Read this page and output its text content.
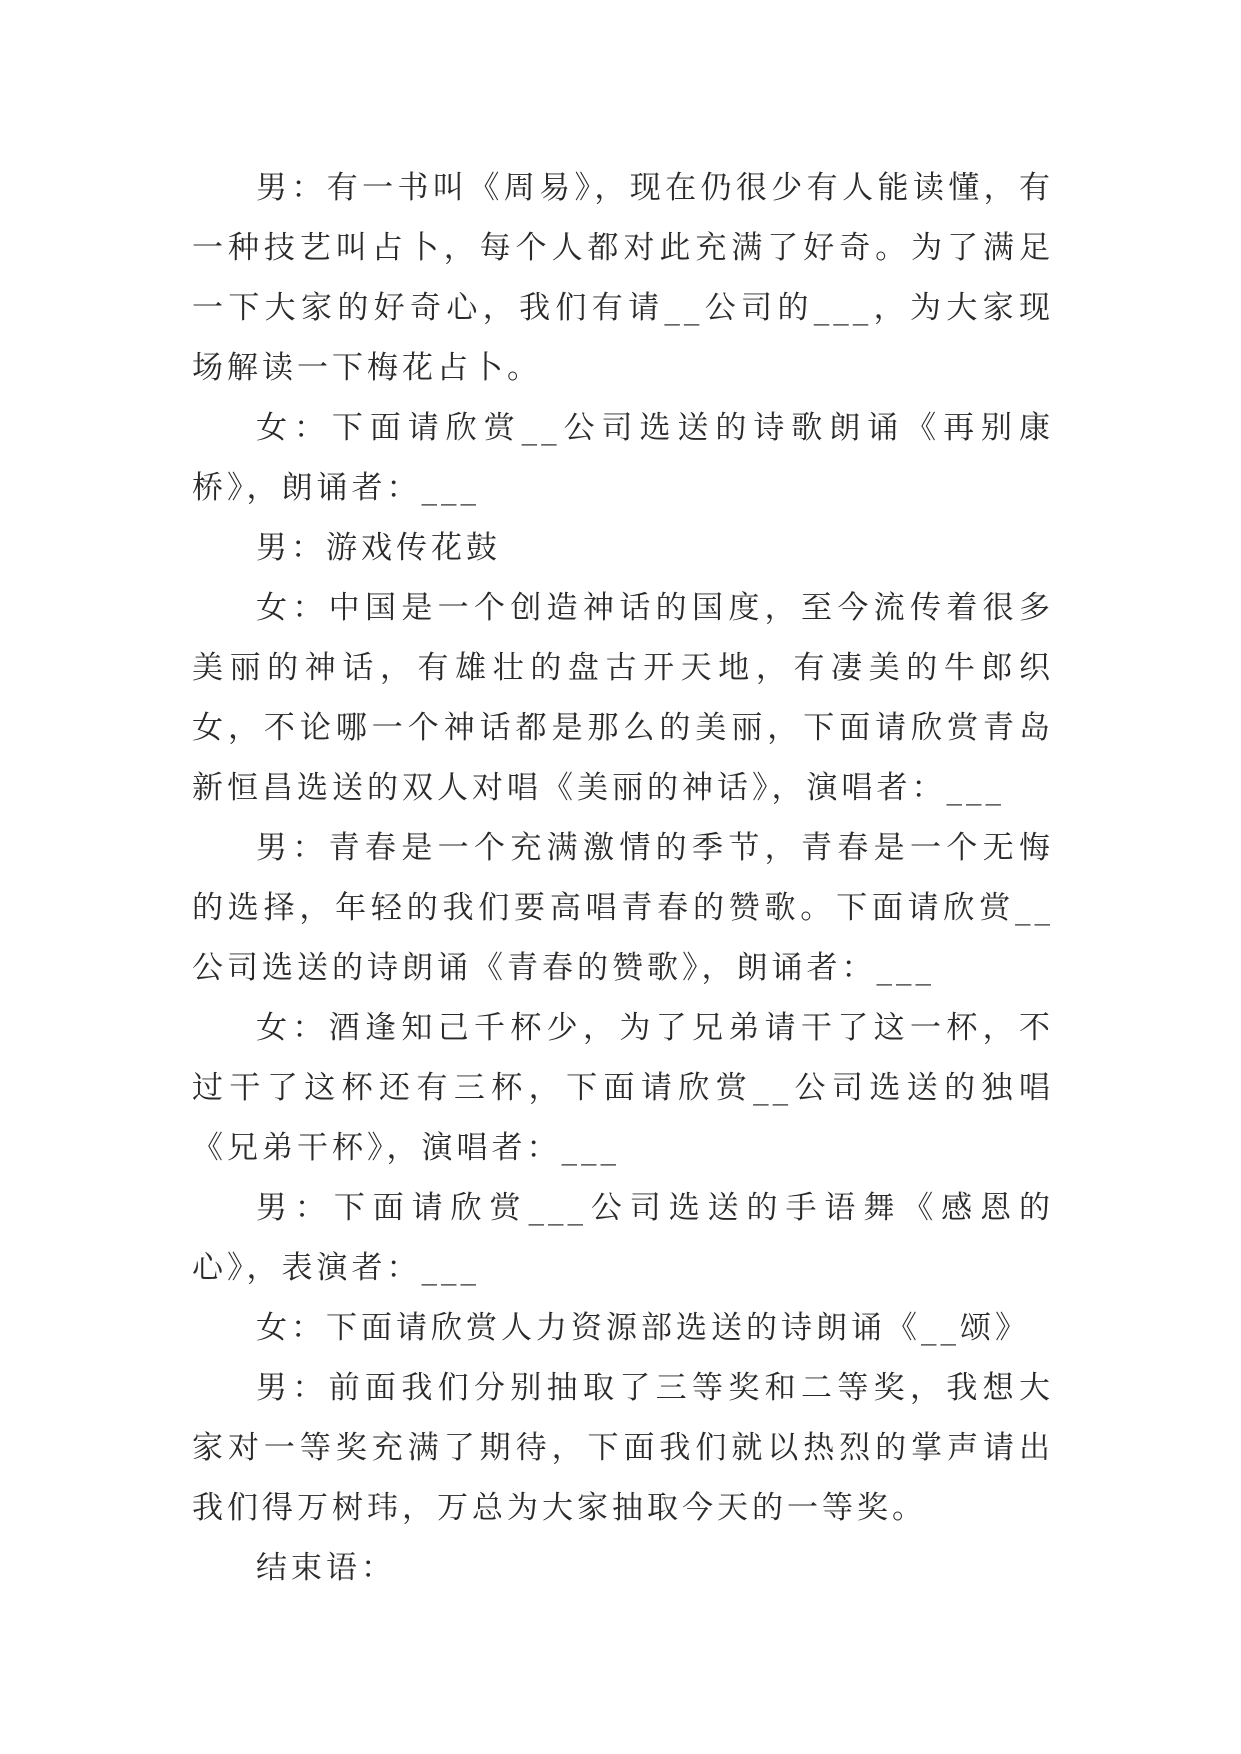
男：有一书叫《周易》，现在仍很少有人能读懂，有一种技艺叫占卜，每个人都对此充满了好奇。为了满足一下大家的好奇心，我们有请__公司的___，为大家现场解读一下梅花占卜。

女：下面请欣赏__公司选送的诗歌朗诵《再别康桥》，朗诵者：___

男：游戏传花鼓

女：中国是一个创造神话的国度，至今流传着很多美丽的神话，有雄壮的盘古开天地，有凄美的牛郎织女，不论哪一个神话都是那么的美丽，下面请欣赏青岛新恒昌选送的双人对唱《美丽的神话》，演唱者：___

男：青春是一个充满激情的季节，青春是一个无悔的选择，年轻的我们要高唱青春的赞歌。下面请欣赏__公司选送的诗朗诵《青春的赞歌》，朗诵者：___

女：酒逢知己千杯少，为了兄弟请干了这一杯，不过干了这杯还有三杯，下面请欣赏__公司选送的独唱《兄弟干杯》，演唱者：___

男：下面请欣赏___公司选送的手语舞《感恩的心》，表演者：___

女：下面请欣赏人力资源部选送的诗朗诵《__颂》

男：前面我们分别抽取了三等奖和二等奖，我想大家对一等奖充满了期待，下面我们就以热烈的掌声请出我们得万树玮，万总为大家抽取今天的一等奖。

结束语：
